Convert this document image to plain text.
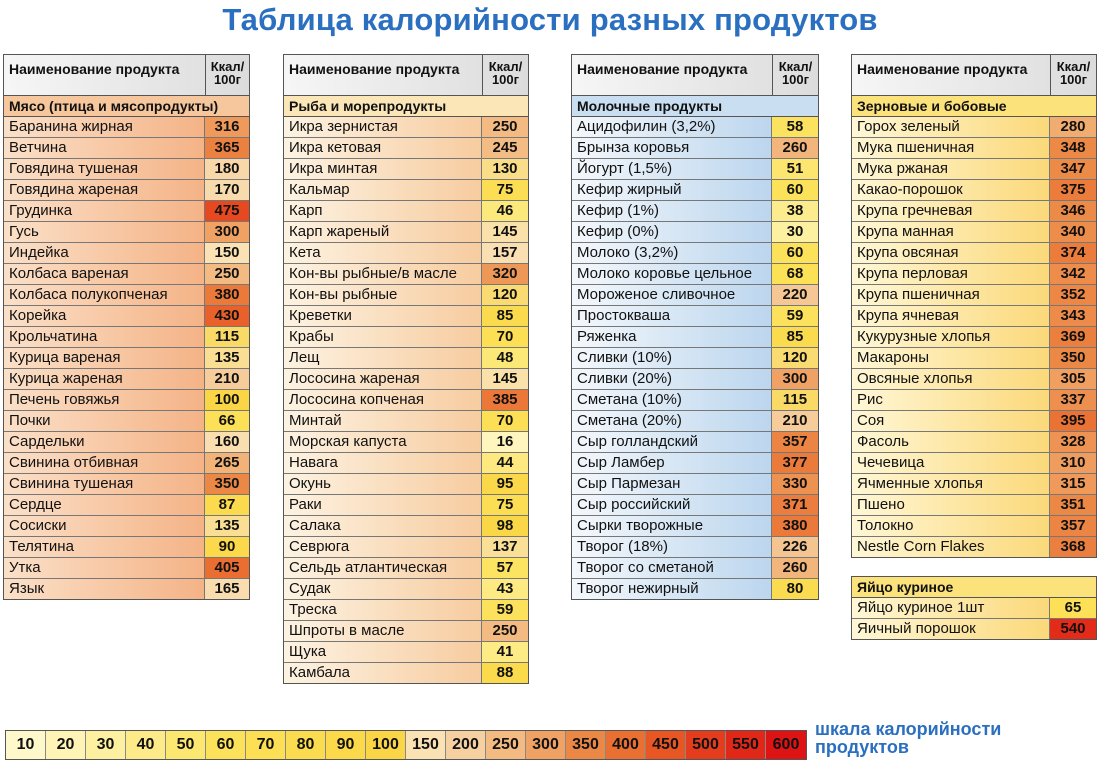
Таблица калорийности разных продуктов
Наименование продукта	Ккал/ 100г
Мясо (птица и мясопродукты)
Баранина жирная	316
Ветчина	365
Говядина тушеная	180
Говядина жареная	170
Грудинка	475
Гусь	300
Индейка	150
Колбаса вареная	250
Колбаса полукопченая	380
Корейка	430
Крольчатина	115
Курица вареная	135
Курица жареная	210
Печень говяжья	100
Почки	66
Сардельки	160
Свинина отбивная	265
Свинина тушеная	350
Сердце	87
Сосиски	135
Телятина	90
Утка	405
Язык	165
Наименование продукта	Ккал/ 100г
Рыба и морепродукты
Икра зернистая	250
Икра кетовая	245
Икра минтая	130
Кальмар	75
Карп	46
Карп жареный	145
Кета	157
Кон-вы рыбные/в масле	320
Кон-вы рыбные	120
Креветки	85
Крабы	70
Лещ	48
Лососина жареная	145
Лососина копченая	385
Минтай	70
Морская капуста	16
Навага	44
Окунь	95
Раки	75
Салака	98
Севрюга	137
Сельдь атлантическая	57
Судак	43
Треска	59
Шпроты в масле	250
Щука	41
Камбала	88
Наименование продукта	Ккал/ 100г
Молочные продукты
Ацидофилин (3,2%)	58
Брынза коровья	260
Йогурт (1,5%)	51
Кефир жирный	60
Кефир (1%)	38
Кефир (0%)	30
Молоко (3,2%)	60
Молоко коровье цельное	68
Мороженое сливочное	220
Простокваша	59
Ряженка	85
Сливки (10%)	120
Сливки (20%)	300
Сметана (10%)	115
Сметана (20%)	210
Сыр голландский	357
Сыр Ламбер	377
Сыр Пармезан	330
Сыр российский	371
Сырки творожные	380
Творог (18%)	226
Творог со сметаной	260
Творог нежирный	80
Наименование продукта	Ккал/ 100г
Зерновые и бобовые
Горох зеленый	280
Мука пшеничная	348
Мука ржаная	347
Какао-порошок	375
Крупа гречневая	346
Крупа манная	340
Крупа овсяная	374
Крупа перловая	342
Крупа пшеничная	352
Крупа ячневая	343
Кукурузные хлопья	369
Макароны	350
Овсяные хлопья	305
Рис	337
Соя	395
Фасоль	328
Чечевица	310
Ячменные хлопья	315
Пшено	351
Толокно	357
Nestle Corn Flakes	368
Яйцо куриное
Яйцо куриное 1шт	65
Яичный порошок	540
10	20	30	40	50	60	70	80	90	100 150 200 250 300 350 400 450 500 550 600
шкала калорийности продуктов
